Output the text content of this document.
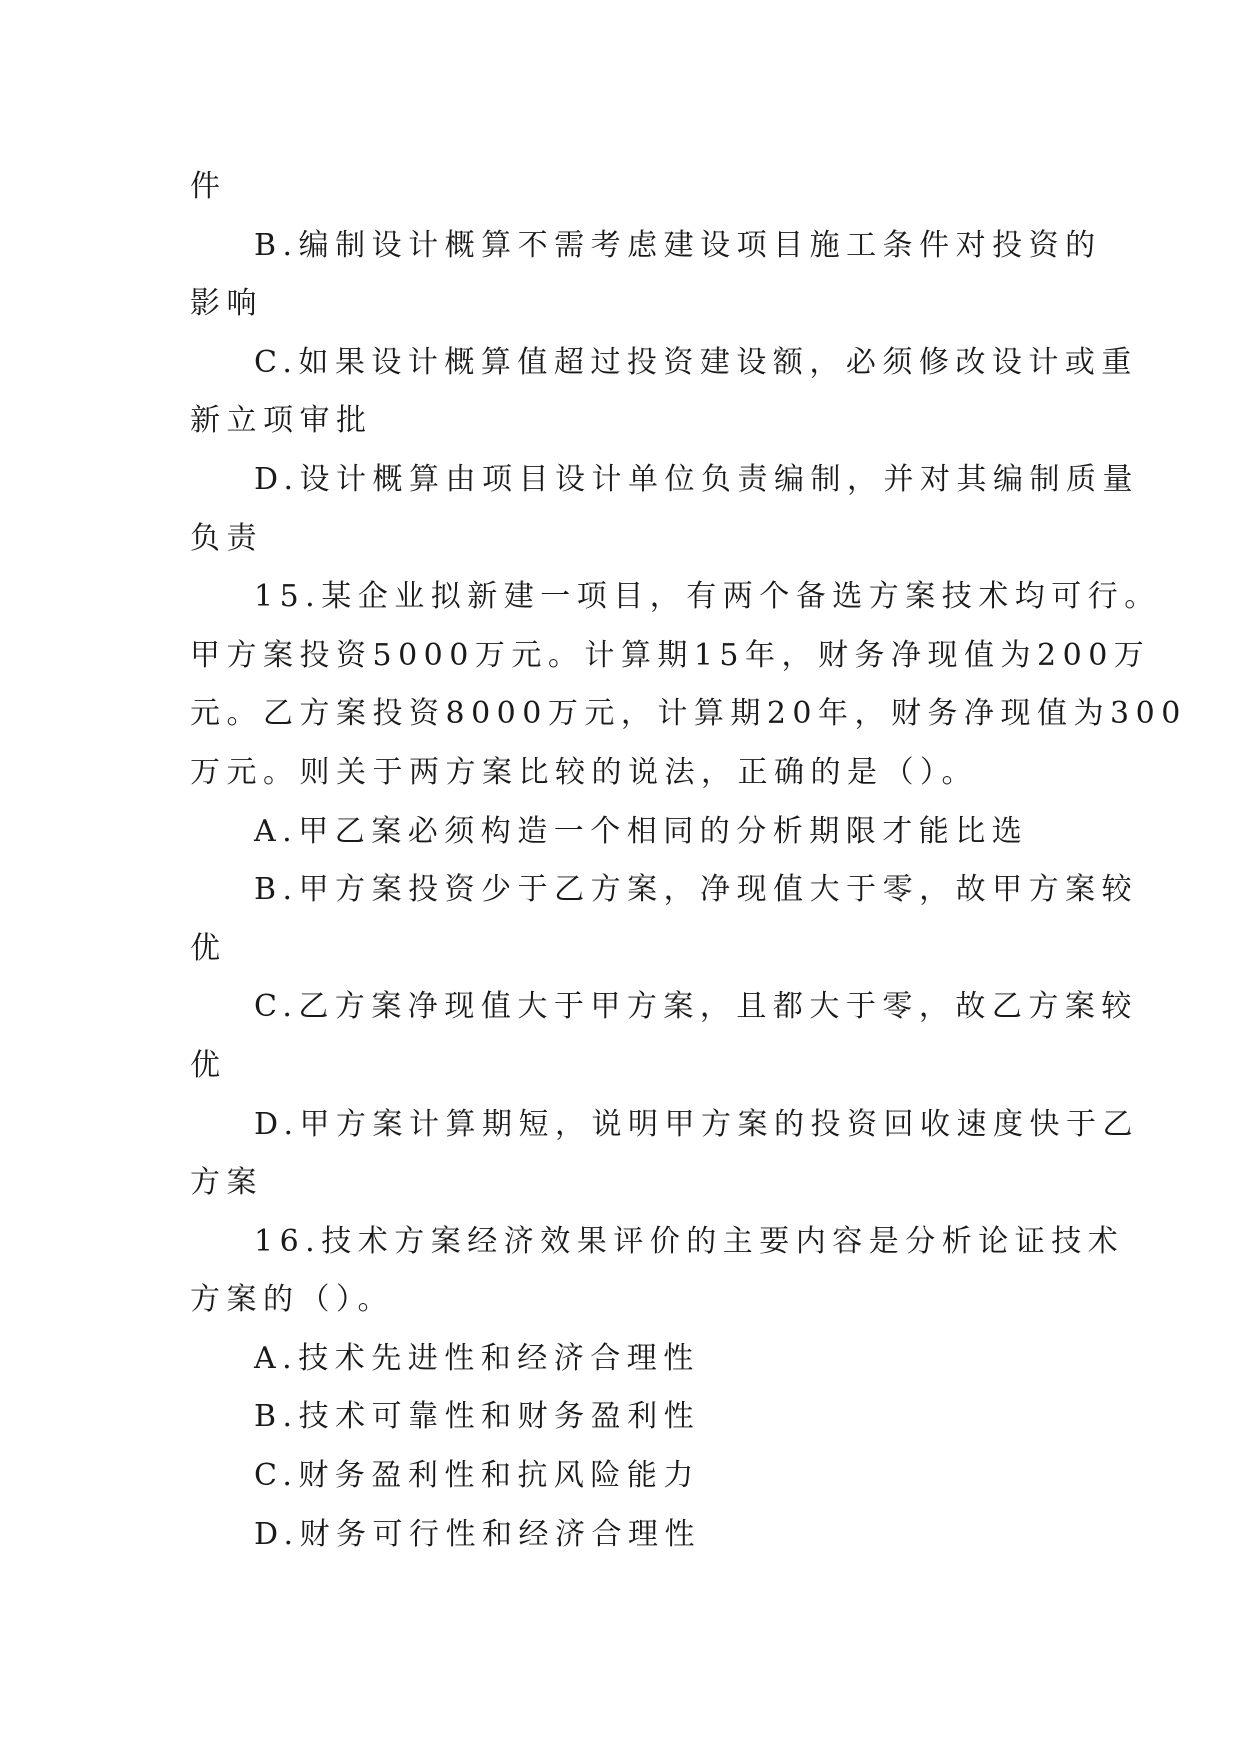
件
B.编制设计概算不需考虑建设项目施工条件对投资的
影响
C.如果设计概算值超过投资建设额，必须修改设计或重
新立项审批
D.设计概算由项目设计单位负责编制，并对其编制质量
负责
15.某企业拟新建一项目，有两个备选方案技术均可行。
甲方案投资5000万元。计算期15年，财务净现值为200万
元。乙方案投资8000万元，计算期20年，财务净现值为300
万元。则关于两方案比较的说法，正确的是（）。
A.甲乙案必须构造一个相同的分析期限才能比选
B.甲方案投资少于乙方案，净现值大于零，故甲方案较
优
C.乙方案净现值大于甲方案，且都大于零，故乙方案较
优
D.甲方案计算期短，说明甲方案的投资回收速度快于乙
方案
16.技术方案经济效果评价的主要内容是分析论证技术
方案的（）。
A.技术先进性和经济合理性
B.技术可靠性和财务盈利性
C.财务盈利性和抗风险能力
D.财务可行性和经济合理性
